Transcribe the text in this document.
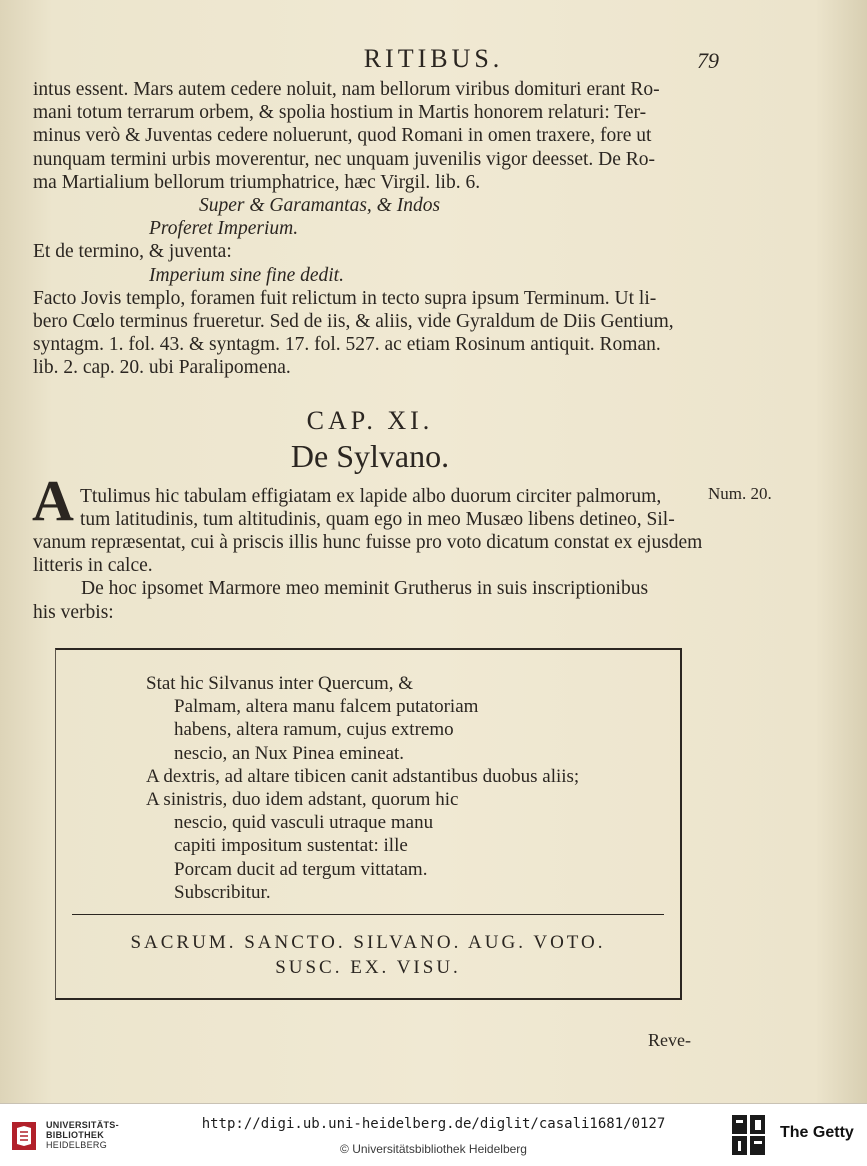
RITIBUS.	79
intus essent. Mars autem cedere noluit, nam bellorum viribus domituri erant Ro-
mani totum terrarum orbem, & spolia hostium in Martis honorem relaturi: Ter-
minus verò & Juventas cedere noluerunt, quod Romani in omen traxere, fore ut
nunquam termini urbis moverentur, nec unquam juvenilis vigor deesset. De Ro-
ma Martialium bellorum triumphatrice, hæc Virgil. lib. 6.
Super & Garamantas, & Indos
Proferet Imperium.
Et de termino, & juventa:
Imperium sine fine dedit.
Facto Jovis templo, foramen fuit relictum in tecto supra ipsum Terminum. Ut li-
bero Cœlo terminus frueretur. Sed de iis, & aliis, vide Gyraldum de Diis Gentium,
syntagm. 1. fol. 43. & syntagm. 17. fol. 527. ac etiam Rosinum antiquit. Roman.
lib. 2. cap. 20. ubi Paralipomena.
CAP. XI.
De Sylvano.
A	Num. 20.
Ttulimus hic tabulam effigiatam ex lapide albo duorum circiter palmorum,
tum latitudinis, tum altitudinis, quam ego in meo Musæo libens detineo, Sil-
vanum repræsentat, cui à priscis illis hunc fuisse pro voto dicatum constat ex ejusdem
litteris in calce.
De hoc ipsomet Marmore meo meminit Grutherus in suis inscriptionibus
his verbis:
Stat hic Silvanus inter Quercum, &
Palmam, altera manu falcem putatoriam
habens, altera ramum, cujus extremo
nescio, an Nux Pinea emineat.
A dextris, ad altare tibicen canit adstantibus duobus aliis;
A sinistris, duo idem adstant, quorum hic
nescio, quid vasculi utraque manu
capiti impositum sustentat: ille
Porcam ducit ad tergum vittatam.
Subscribitur.
SACRUM. SANCTO. SILVANO. AUG. VOTO.
SUSC. EX. VISU.
Reve-
UNIVERSITÄTS-
BIBLIOTHEK
HEIDELBERG
http://digi.ub.uni-heidelberg.de/diglit/casali1681/0127
© Universitätsbibliothek Heidelberg
The Getty
